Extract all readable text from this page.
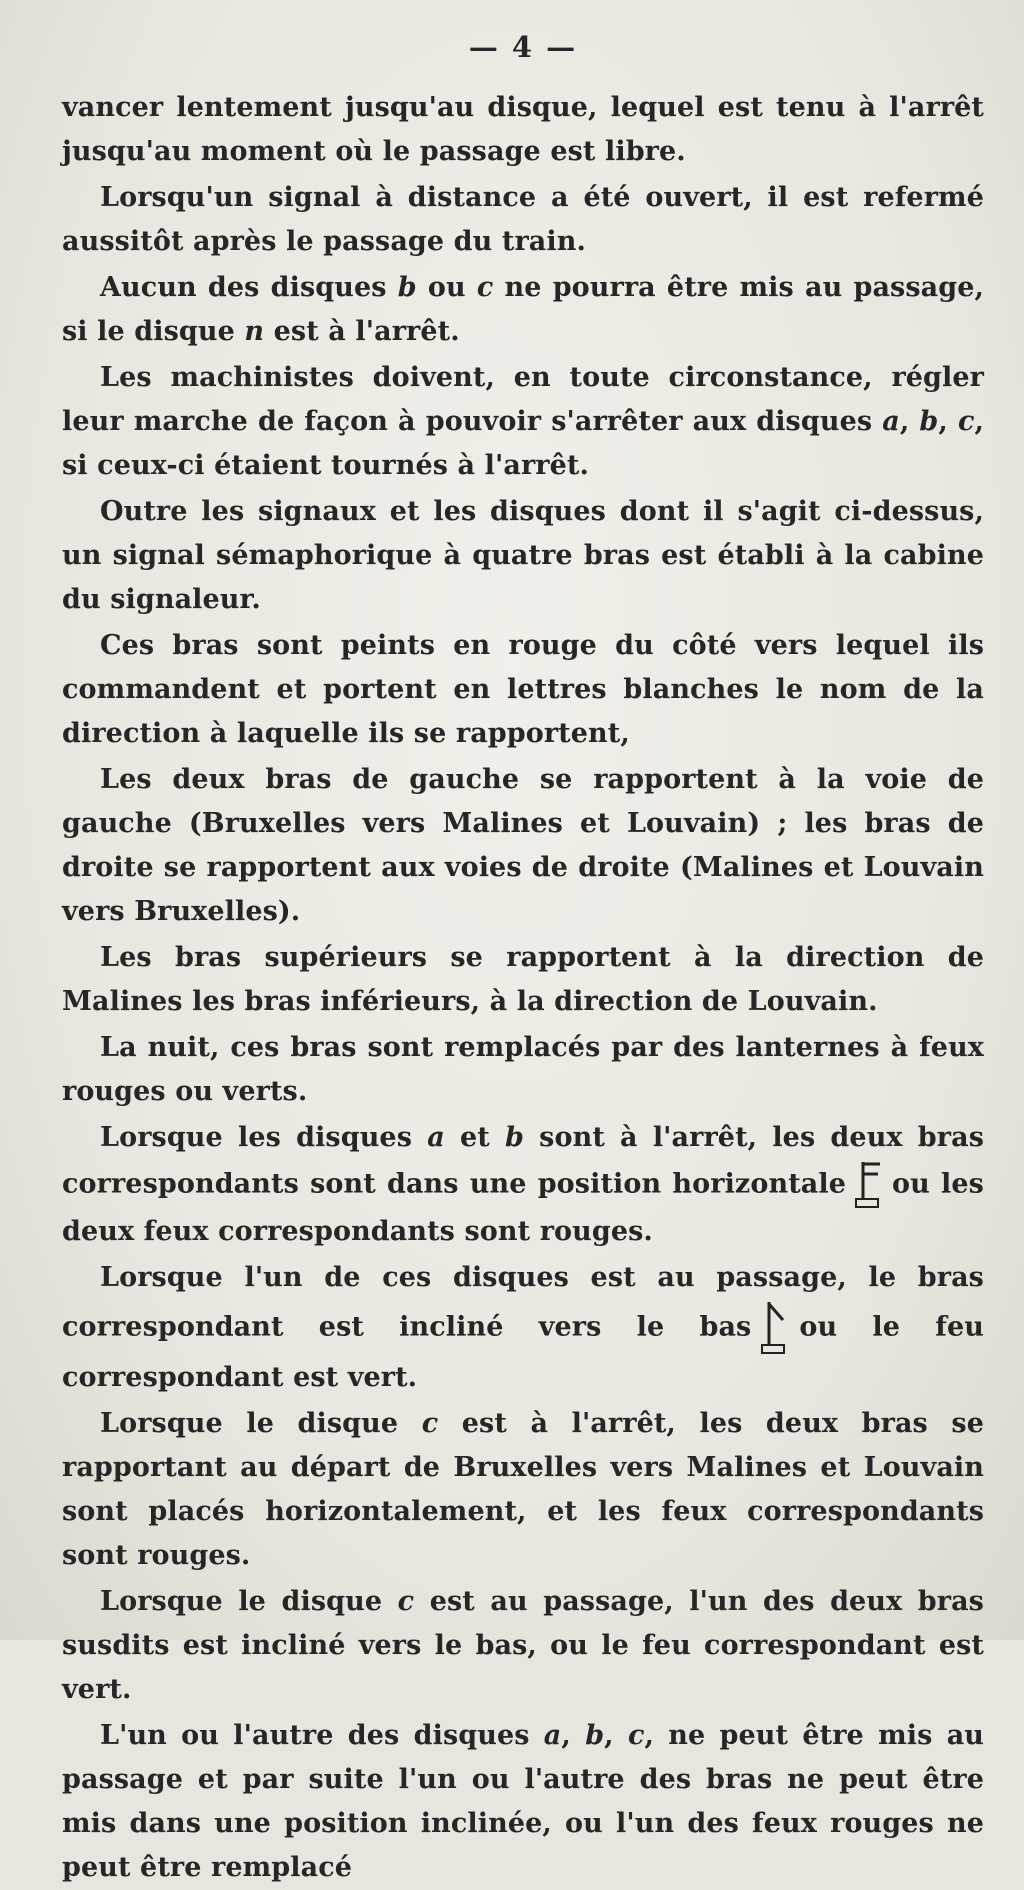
— 4 —

vancer lentement jusqu'au disque, lequel est tenu à l'arrêt jusqu'au moment où le passage est libre.

Lorsqu'un signal à distance a été ouvert, il est refermé aussitôt après le passage du train.

Aucun des disques b ou c ne pourra être mis au passage, si le disque n est à l'arrêt.

Les machinistes doivent, en toute circonstance, régler leur marche de façon à pouvoir s'arrêter aux disques a, b, c, si ceux-ci étaient tournés à l'arrêt.

Outre les signaux et les disques dont il s'agit ci-dessus, un signal sémaphorique à quatre bras est établi à la cabine du signaleur.

Ces bras sont peints en rouge du côté vers lequel ils commandent et portent en lettres blanches le nom de la direction à laquelle ils se rapportent,

Les deux bras de gauche se rapportent à la voie de gauche (Bruxelles vers Malines et Louvain) ; les bras de droite se rapportent aux voies de droite (Malines et Louvain vers Bruxelles).

Les bras supérieurs se rapportent à la direction de Malines les bras inférieurs, à la direction de Louvain.

La nuit, ces bras sont remplacés par des lanternes à feux rouges ou verts.

Lorsque les disques a et b sont à l'arrêt, les deux bras correspondants sont dans une position horizontale ou les deux feux correspondants sont rouges.

Lorsque l'un de ces disques est au passage, le bras correspondant est incliné vers le bas ou le feu correspondant est vert.

Lorsque le disque c est à l'arrêt, les deux bras se rapportant au départ de Bruxelles vers Malines et Louvain sont placés horizontalement, et les feux correspondants sont rouges.

Lorsque le disque c est au passage, l'un des deux bras susdits est incliné vers le bas, ou le feu correspondant est vert.

L'un ou l'autre des disques a, b, c, ne peut être mis au passage et par suite l'un ou l'autre des bras ne peut être mis dans une position inclinée, ou l'un des feux rouges ne peut être remplacé
